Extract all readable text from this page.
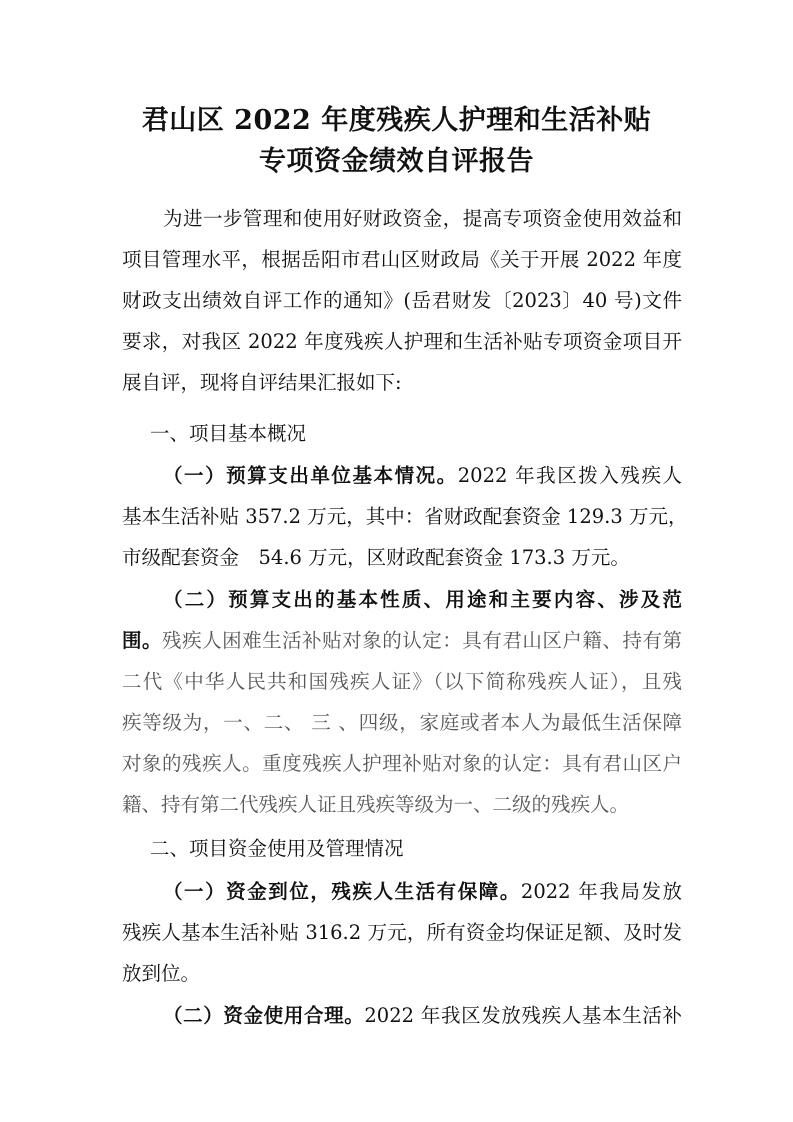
君山区 2022 年度残疾人护理和生活补贴
专项资金绩效自评报告
为进一步管理和使用好财政资金，提高专项资金使用效益和
项目管理水平，根据岳阳市君山区财政局《关于开展 2022 年度
财政支出绩效自评工作的通知》(岳君财发〔2023〕40 号)文件
要求，对我区 2022 年度残疾人护理和生活补贴专项资金项目开
展自评，现将自评结果汇报如下:
一、项目基本概况
（一）预算支出单位基本情况。2022 年我区拨入残疾人
基本生活补贴 357.2 万元，其中：省财政配套资金 129.3 万元，
市级配套资金　54.6 万元，区财政配套资金 173.3 万元。
（二）预算支出的基本性质、用途和主要内容、涉及范
围。残疾人困难生活补贴对象的认定：具有君山区户籍、持有第
二代《中华人民共和国残疾人证》（以下简称残疾人证），且残
疾等级为，一、二、 三 、四级，家庭或者本人为最低生活保障
对象的残疾人。重度残疾人护理补贴对象的认定：具有君山区户
籍、持有第二代残疾人证且残疾等级为一、二级的残疾人。
二、项目资金使用及管理情况
（一）资金到位，残疾人生活有保障。2022 年我局发放
残疾人基本生活补贴 316.2 万元，所有资金均保证足额、及时发
放到位。
（二）资金使用合理。2022 年我区发放残疾人基本生活补
